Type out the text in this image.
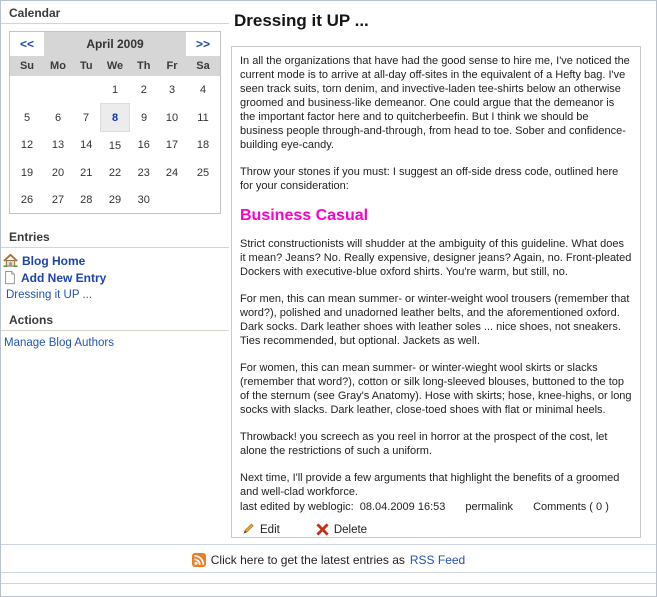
Calendar
<<	April 2009					>>
Su	Mo	Tu	We	Th	Fr	Sa
			1	2	3	4
5	6	7	8	9	10	11
12	13	14	15	16	17	18
19	20	21	22	23	24	25
26	27	28	29	30		
Entries
Blog Home
Add New Entry
Dressing it UP ...
Actions
Manage Blog Authors
Dressing it UP ...

In all the organizations that have had the good sense to hire me, I've noticed the current mode is to arrive at all-day off-sites in the equivalent of a Hefty bag. I've seen track suits, torn denim, and invective-laden tee-shirts below an otherwise groomed and business-like demeanor. One could argue that the demeanor is the important factor here and to quitcherbeefin. But I think we should be business people through-and-through, from head to toe. Sober and confidence-building eye-candy.

Throw your stones if you must: I suggest an off-side dress code, outlined here for your consideration:

Business Casual

Strict constructionists will shudder at the ambiguity of this guideline. What does it mean? Jeans? No. Really expensive, designer jeans? Again, no. Front-pleated Dockers with executive-blue oxford shirts. You're warm, but still, no.

For men, this can mean summer- or winter-weight wool trousers (remember that word?), polished and unadorned leather belts, and the aforementioned oxford. Dark socks. Dark leather shoes with leather soles ... nice shoes, not sneakers. Ties recommended, but optional. Jackets as well.

For women, this can mean summer- or winter-wieght wool skirts or slacks (remember that word?), cotton or silk long-sleeved blouses, buttoned to the top of the sternum (see Gray's Anatomy). Hose with skirts; hose, knee-highs, or long socks with slacks. Dark leather, close-toed shoes with flat or minimal heels.

Throwback! you screech as you reel in horror at the prospect of the cost, let alone the restrictions of such a uniform.

Next time, I'll provide a few arguments that highlight the benefits of a groomed and well-clad workforce.

last edited by weblogic: 08.04.2009 16:53 permalink Comments ( 0 )
Edit	Delete
Click here to get the latest entries as RSS Feed
